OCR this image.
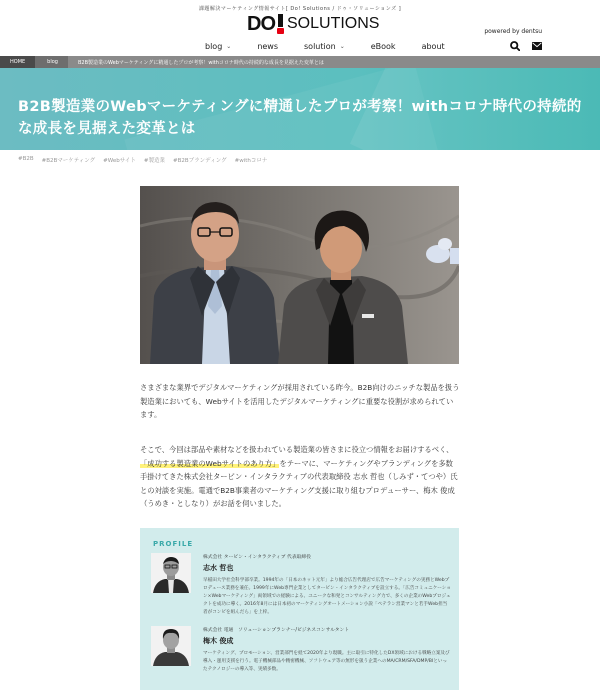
課題解決マーケティング情報サイト[ Do! Solutions / ドゥ・ソリューションズ ]
DO SOLUTIONS	powered by dentsu
blog ⌄	news	solution ⌄	eBook	about
HOME	blog	B2B製造業のWebマーケティングに精通したプロが考察！withコロナ時代の持続的な成長を見据えた変革とは
B2B製造業のWebマーケティングに精通したプロが考察！withコロナ時代の持続的な成長を見据えた変革とは
#B2B #B2Bマーケティング #Webサイト #製造業 #B2Bブランディング #withコロナ

さまざまな業界でデジタルマーケティングが採用されている昨今。B2B向けのニッチな製品を扱う製造業においても、Webサイトを活用したデジタルマーケティングに重要な役割が求められています。

そこで、今回は部品や素材などを扱われている製造業の皆さまに役立つ情報をお届けするべく、「成功する製造業のWebサイトのあり方」をテーマに、マーケティングやブランディングを多数手掛けてきた株式会社タービン・インタラクティブの代表取締役 志水 哲也（しみず・てつや）氏との対談を実施。電通でB2B事業者のマーケティング支援に取り組むプロデューサー、梅木 俊成（うめき・としなり）がお話を伺いました。

PROFILE
株式会社 タービン・インタラクティブ 代表取締役
志水 哲也
早稲田大学社会科学部卒業。1994年の「日本のネット元年」より総合広告代理店で広告マーケティングの実務とWebプロデュース業務を兼任。1999年にWeb専門企業としてタービン・インタラクティブを設立する。「広告コミュニケーション×Webマーケティング」両領域での経験による、ユニークな和発とコンサルティング力で、多くの企業のWebプロジェクトを成功に導く。2016年8月には日本初のマーケティングオートメーション小説「ペテラン営業マンと若手Web担当者がコンビを組んだら」を上梓。
株式会社 電通　ソリューションプランナー/ビジネスコンサルタント
梅木 俊成
マーケティング、プロモーション、営業部門を経て2020年より現職。主に取引に特化したDX領域における戦略立案及び導入・運用支援を行う。電子機械部品や精密機械、ソフトウェア等の無形を扱う企業へのMA/CRM/SFA/DMP/BIといったテクノロジーの導入等、実績多数。
